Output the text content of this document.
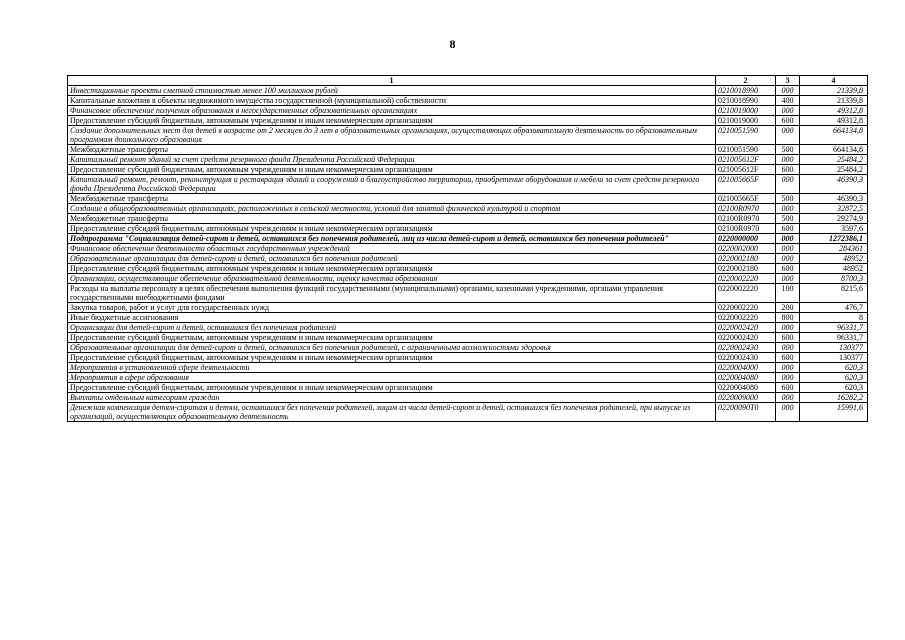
8
1	2	3	4
Инвестиционные проекты сметной стоимостью менее 100 миллионов рублей	0210018990	000	21339,8
Капитальные вложения в объекты недвижимого имущества государственной (муниципальной) собственности	0210018990	400	21339,8
Финансовое обеспечение получения образования в негосударственных образовательных организациях	0210019000	000	49312,8
Предоставление субсидий бюджетным, автономным учреждениям и иным некоммерческим организациям	0210019000	600	49312,8
Создание дополнительных мест для детей в возрасте от 2 месяцев до 3 лет в образовательных организациях, осуществляющих образовательную деятельность по образовательным программам дошкольного образования	0210051590	000	664134,8
Межбюджетные трансферты	0210051590	500	664134,8
Капитальный ремонт зданий за счет средств резервного фонда Президента Российской Федерации	021005612F	000	25484,2
Предоставление субсидий бюджетным, автономным учреждениям и иным некоммерческим организациям	021005612F	600	25484,2
Капитальный ремонт, ремонт, реконструкция и реставрация зданий и сооружений и благоустройство территории, приобретение оборудования и мебели за счет средств резервного фонда Президента Российской Федерации	021005665F	000	46390,3
Межбюджетные трансферты	021005665F	500	46390,3
Создание в общеобразовательных организациях, расположенных в сельской местности, условий для занятий физической культурой и спортом	02100R0970	000	32872,5
Межбюджетные трансферты	02100R0970	500	29274,9
Предоставление субсидий бюджетным, автономным учреждениям и иным некоммерческим организациям	02100R0970	600	3597,6
Подпрограмма "Социализация детей-сирот и детей, оставшихся без попечения родителей, лиц из числа детей-сирот и детей, оставшихся без попечения родителей"	0220000000	000	1272386,1
Финансовое обеспечение деятельности областных государственных учреждений	0220002000	000	284361
Образовательные организации для детей-сирот и детей, оставшихся без попечения родителей	0220002180	000	48952
Предоставление субсидий бюджетным, автономным учреждениям и иным некоммерческим организациям	0220002180	600	48952
Организации, осуществляющие обеспечение образовательной деятельности, оценку качества образования	0220002220	000	8700,3
Расходы на выплаты персоналу в целях обеспечения выполнения функций государственными (муниципальными) органами, казенными учреждениями, органами управления государственными внебюджетными фондами	0220002220	100	8215,6
Закупка товаров, работ и услуг для государственных нужд	0220002220	200	476,7
Иные бюджетные ассигнования	0220002220	800	8
Организации для детей-сирот и детей, оставшихся без попечения родителей	0220002420	000	96331,7
Предоставление субсидий бюджетным, автономным учреждениям и иным некоммерческим организациям	0220002420	600	96331,7
Образовательные организации для детей-сирот и детей, оставшихся без попечения родителей, с ограниченными возможностями здоровья	0220002430	000	130377
Предоставление субсидий бюджетным, автономным учреждениям и иным некоммерческим организациям	0220002430	600	130377
Мероприятия в установленной сфере деятельности	0220004000	000	620,3
Мероприятия в сфере образования	0220004080	000	620,3
Предоставление субсидий бюджетным, автономным учреждениям и иным некоммерческим организациям	0220004080	600	620,3
Выплаты отдельным категориям граждан	0220009000	000	16282,2
Денежная компенсация детям-сиротам и детям, оставшимся без попечения родителей, лицам из числа детей-сирот и детей, оставшихся без попечения родителей, при выпуске из организаций, осуществляющих образовательную деятельность	02200090Т0	000	15991,6
